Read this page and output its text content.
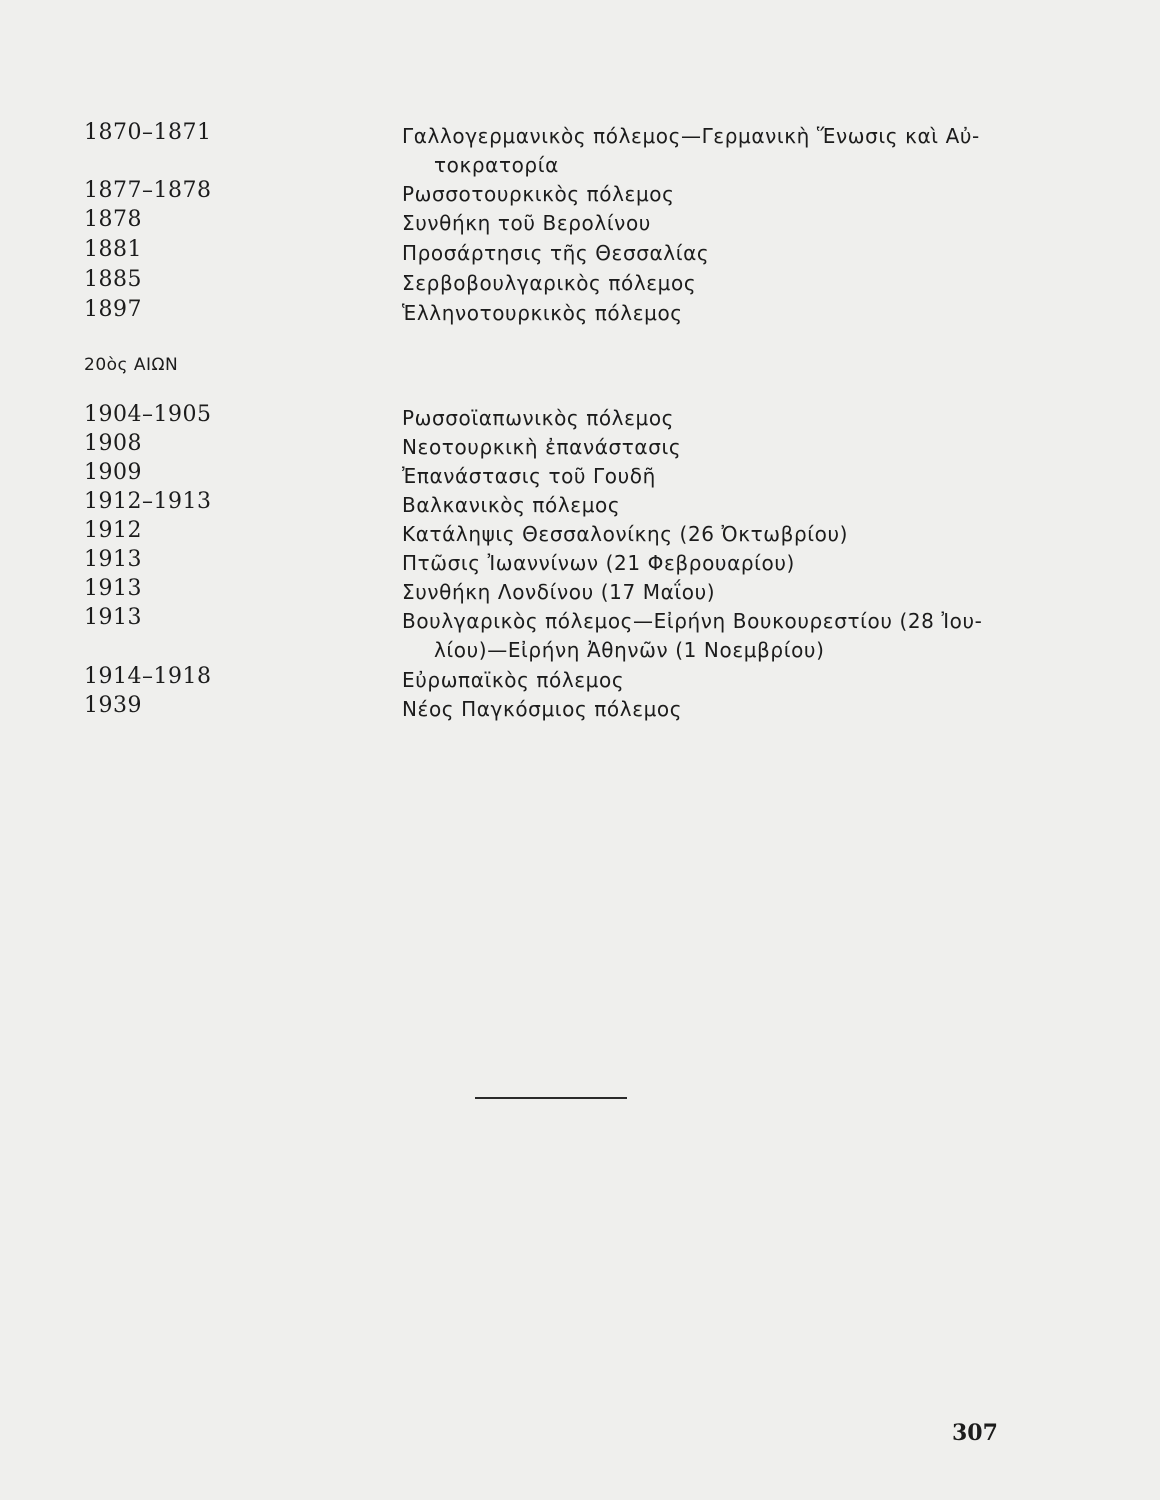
1870–1871	Γαλλογερμανικὸς πόλεμος—Γερμανικὴ Ἕνωσις καὶ Αὐ-
τοκρατορία
1877–1878	Ρωσσοτουρκικὸς πόλεμος
1878	Συνθήκη τοῦ Βερολίνου
1881	Προσάρτησις τῆς Θεσσαλίας
1885	Σερβοβουλγαρικὸς πόλεμος
1897	Ἑλληνοτουρκικὸς πόλεμος
20ὸς ΑΙΩΝ
1904–1905	Ρωσσοϊαπωνικὸς πόλεμος
1908	Νεοτουρκικὴ ἐπανάστασις
1909	Ἐπανάστασις τοῦ Γουδῆ
1912–1913	Βαλκανικὸς πόλεμος
1912	Κατάληψις Θεσσαλονίκης (26 Ὀκτωβρίου)
1913	Πτῶσις Ἰωαννίνων (21 Φεβρουαρίου)
1913	Συνθήκη Λονδίνου (17 Μαΐου)
1913	Βουλγαρικὸς πόλεμος—Εἰρήνη Βουκουρεστίου (28 Ἰου-
λίου)—Εἰρήνη Ἀθηνῶν (1 Νοεμβρίου)
1914–1918	Εὐρωπαϊκὸς πόλεμος
1939	Νέος Παγκόσμιος πόλεμος
307
